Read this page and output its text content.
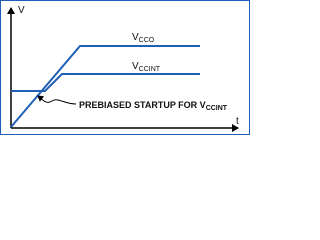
V
t
$V_{CCO}$
$V_{CCINT}$
PREBIASED STARTUP FOR $V_{CCINT}$
